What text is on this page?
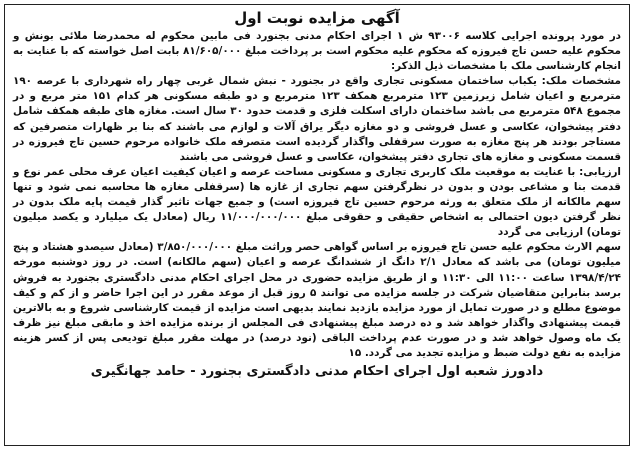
آگهی مزایده نوبت اول

در مورد پرونده اجرایی کلاسه ۹۳۰۰۶ ش ۱ اجرای احکام مدنی بجنورد فی مابین محکوم له محمدرضا ملائی بونش و محکوم علیه حسن تاج فیروزه که محکوم علیه محکوم است بر پرداخت مبلغ ۸۱/۶۰۵/۰۰۰ بابت اصل خواسته که با عنایت به انجام کارشناسی ملک با مشخصات ذیل الذکر:

مشخصات ملک: یکباب ساختمان مسکونی تجاری واقع در بجنورد - نبش شمال غربی چهار راه شهرداری با عرصه ۱۹۰ مترمربع و اعیان شامل زیرزمین ۱۲۳ مترمربع همکف ۱۲۳ مترمربع و دو طبقه مسکونی هر کدام ۱۵۱ متر مربع و در مجموع ۵۴۸ مترمربع می باشد ساختمان دارای اسکلت فلزی و قدمت حدود ۳۰ سال است. مغازه های طبقه همکف شامل دفتر پیشخوان، عکاسی و عسل فروشی و دو مغازه دیگر یراق آلات و لوازم می باشند که بنا بر ظهارات متصرفین که مستاجر بودند هر پنج مغازه به صورت سرقفلی واگذار گردیده است متصرفه ملک خانواده مرحوم حسین تاج فیروزه در قسمت مسکونی و مغازه های تجاری دفتر پیشخوان، عکاسی و عسل فروشی می باشند

ارزیابی: با عنایت به موقعیت ملک کاربری تجاری و مسکونی مساحت عرصه و اعیان کیفیت اعیان عرف محلی عمر نوع و قدمت بنا و مشاعی بودن و بدون در نظرگرفتن سهم تجاری از غازه ها (سرقفلی مغازه ها محاسبه نمی شود و تنها سهم مالکانه از ملک متعلق به ورثه مرحوم حسین تاج فیروزه است) و جمیع جهات تاثیر گذار قیمت پایه ملک بدون در نظر گرفتن دیون احتمالی به اشخاص حقیقی و حقوقی مبلغ ۱۱/۰۰۰/۰۰۰/۰۰۰ ریال (معادل یک میلیارد و یکصد میلیون تومان) ارزیابی می گردد

سهم الارث محکوم علیه حسن تاج فیروزه بر اساس گواهی حصر وراثت مبلغ ۳/۸۵۰/۰۰۰/۰۰۰ (معادل سیصدو هشتاد و پنج میلیون تومان) می باشد که معادل ۲/۱ دانگ از ششدانگ عرصه و اعیان (سهم مالکانه) است. در روز دوشنبه مورخه ۱۳۹۸/۴/۲۴ ساعت ۱۱:۰۰ الی ۱۱:۳۰ و از طریق مزایده حضوری در محل اجرای احکام مدنی دادگستری بجنورد به فروش برسد بنابراین متقاضیان شرکت در جلسه مزایده می توانند ۵ روز قبل از موعد مقرر در این اجرا حاضر و از کم و کیف موضوع مطلع و در صورت تمایل از مورد مزایده بازدید نمایند بدیهی است مزایده از قیمت کارشناسی شروع و به بالاترین قیمت پیشنهادی واگذار خواهد شد و ده درصد مبلغ پیشنهادی فی المجلس از برنده مزایده اخذ و مابقی مبلغ نیز ظرف یک ماه وصول خواهد شد و در صورت عدم پرداخت الباقی (نود درصد) در مهلت مقرر مبلغ تودیعی پس از کسر هزینه مزایده به نفع دولت ضبط و مزایده تجدید می گردد. ۱۵

دادورز شعبه اول اجرای احکام مدنی دادگستری بجنورد - حامد جهانگیری
